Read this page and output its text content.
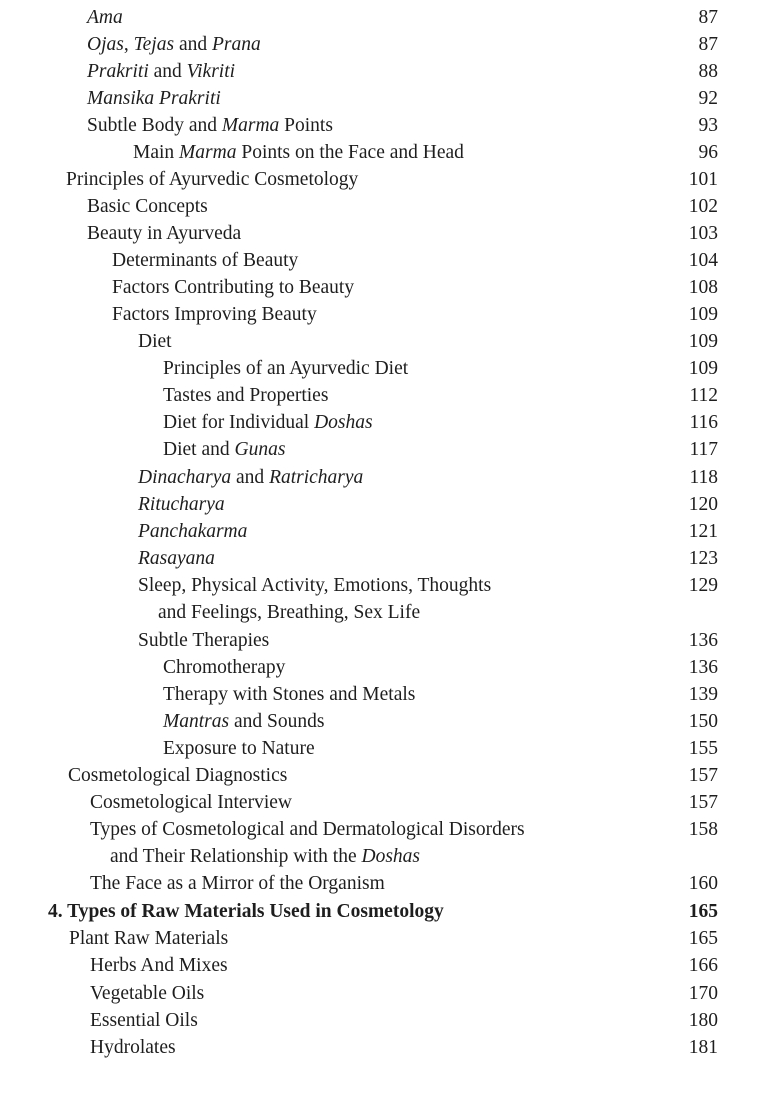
Ama	87
Ojas, Tejas and Prana	87
Prakriti and Vikriti	88
Mansika Prakriti	92
Subtle Body and Marma Points	93
Main Marma Points on the Face and Head	96
Principles of Ayurvedic Cosmetology	101
Basic Concepts	102
Beauty in Ayurveda	103
Determinants of Beauty	104
Factors Contributing to Beauty	108
Factors Improving Beauty	109
Diet	109
Principles of an Ayurvedic Diet	109
Tastes and Properties	112
Diet for Individual Doshas	116
Diet and Gunas	117
Dinacharya and Ratricharya	118
Ritucharya	120
Panchakarma	121
Rasayana	123
Sleep, Physical Activity, Emotions, Thoughts	129
and Feelings, Breathing, Sex Life
Subtle Therapies	136
Chromotherapy	136
Therapy with Stones and Metals	139
Mantras and Sounds	150
Exposure to Nature	155
Cosmetological Diagnostics	157
Cosmetological Interview	157
Types of Cosmetological and Dermatological Disorders	158
and Their Relationship with the Doshas
The Face as a Mirror of the Organism	160
4. Types of Raw Materials Used in Cosmetology	165
Plant Raw Materials	165
Herbs And Mixes	166
Vegetable Oils	170
Essential Oils	180
Hydrolates	181
